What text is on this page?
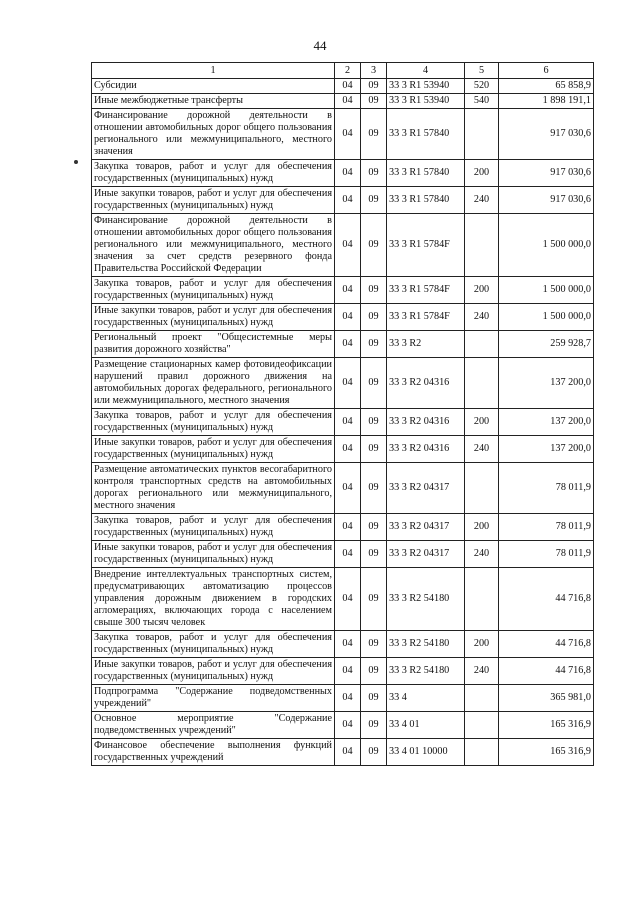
44
1	2	3	4	5	6
Субсидии	04	09	33 3 R1 53940	520	65 858,9
Иные межбюджетные трансферты	04	09	33 3 R1 53940	540	1 898 191,1
Финансирование дорожной деятельности в отношении автомобильных дорог общего пользования регионального или межмуниципального, местного значения	04	09	33 3 R1 57840		917 030,6
Закупка товаров, работ и услуг для обеспечения государственных (муниципальных) нужд	04	09	33 3 R1 57840	200	917 030,6
Иные закупки товаров, работ и услуг для обеспечения государственных (муниципальных) нужд	04	09	33 3 R1 57840	240	917 030,6
Финансирование дорожной деятельности в отношении автомобильных дорог общего пользования регионального или межмуниципального, местного значения за счет средств резервного фонда Правительства Российской Федерации	04	09	33 3 R1 5784F		1 500 000,0
Закупка товаров, работ и услуг для обеспечения государственных (муниципальных) нужд	04	09	33 3 R1 5784F	200	1 500 000,0
Иные закупки товаров, работ и услуг для обеспечения государственных (муниципальных) нужд	04	09	33 3 R1 5784F	240	1 500 000,0
Региональный проект "Общесистемные меры развития дорожного хозяйства"	04	09	33 3 R2		259 928,7
Размещение стационарных камер фотовидеофиксации нарушений правил дорожного движения на автомобильных дорогах федерального, регионального или межмуниципального, местного значения	04	09	33 3 R2 04316		137 200,0
Закупка товаров, работ и услуг для обеспечения государственных (муниципальных) нужд	04	09	33 3 R2 04316	200	137 200,0
Иные закупки товаров, работ и услуг для обеспечения государственных (муниципальных) нужд	04	09	33 3 R2 04316	240	137 200,0
Размещение автоматических пунктов весогабаритного контроля транспортных средств на автомобильных дорогах регионального или межмуниципального, местного значения	04	09	33 3 R2 04317		78 011,9
Закупка товаров, работ и услуг для обеспечения государственных (муниципальных) нужд	04	09	33 3 R2 04317	200	78 011,9
Иные закупки товаров, работ и услуг для обеспечения государственных (муниципальных) нужд	04	09	33 3 R2 04317	240	78 011,9
Внедрение интеллектуальных транспортных систем, предусматривающих автоматизацию процессов управления дорожным движением в городских агломерациях, включающих города с населением свыше 300 тысяч человек	04	09	33 3 R2 54180		44 716,8
Закупка товаров, работ и услуг для обеспечения государственных (муниципальных) нужд	04	09	33 3 R2 54180	200	44 716,8
Иные закупки товаров, работ и услуг для обеспечения государственных (муниципальных) нужд	04	09	33 3 R2 54180	240	44 716,8
Подпрограмма "Содержание подведомственных учреждений"	04	09	33 4		365 981,0
Основное мероприятие "Содержание подведомственных учреждений"	04	09	33 4 01		165 316,9
Финансовое обеспечение выполнения функций государственных учреждений	04	09	33 4 01 10000		165 316,9
